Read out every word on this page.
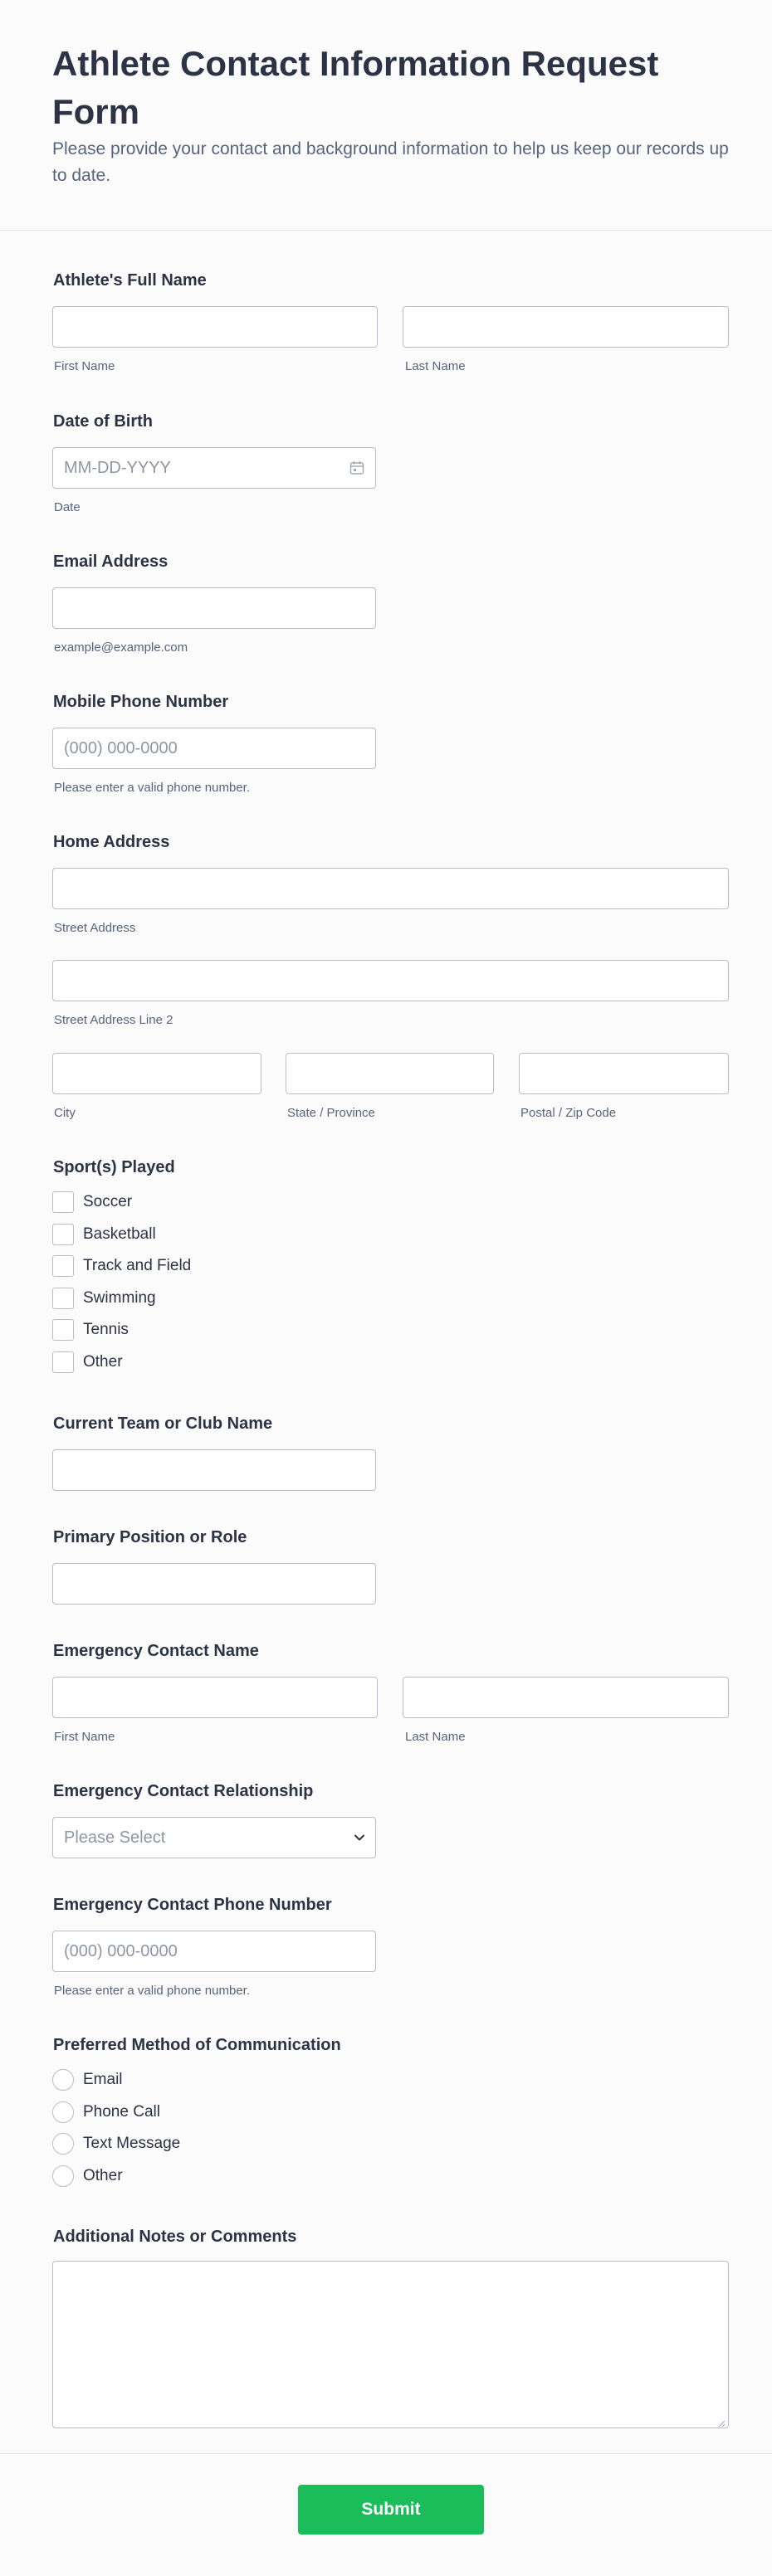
Athlete Contact Information Request Form
Please provide your contact and background information to help us keep our records up to date.
Athlete's Full Name
First Name	Last Name
Date of Birth
MM-DD-YYYY
Date
Email Address
example@example.com
Mobile Phone Number
(000) 000-0000
Please enter a valid phone number.
Home Address
Street Address
Street Address Line 2
City	State / Province	Postal / Zip Code
Sport(s) Played
Soccer
Basketball
Track and Field
Swimming
Tennis
Other
Current Team or Club Name
Primary Position or Role
Emergency Contact Name
First Name	Last Name
Emergency Contact Relationship
Please Select
Emergency Contact Phone Number
(000) 000-0000
Please enter a valid phone number.
Preferred Method of Communication
Email
Phone Call
Text Message
Other
Additional Notes or Comments
Submit
